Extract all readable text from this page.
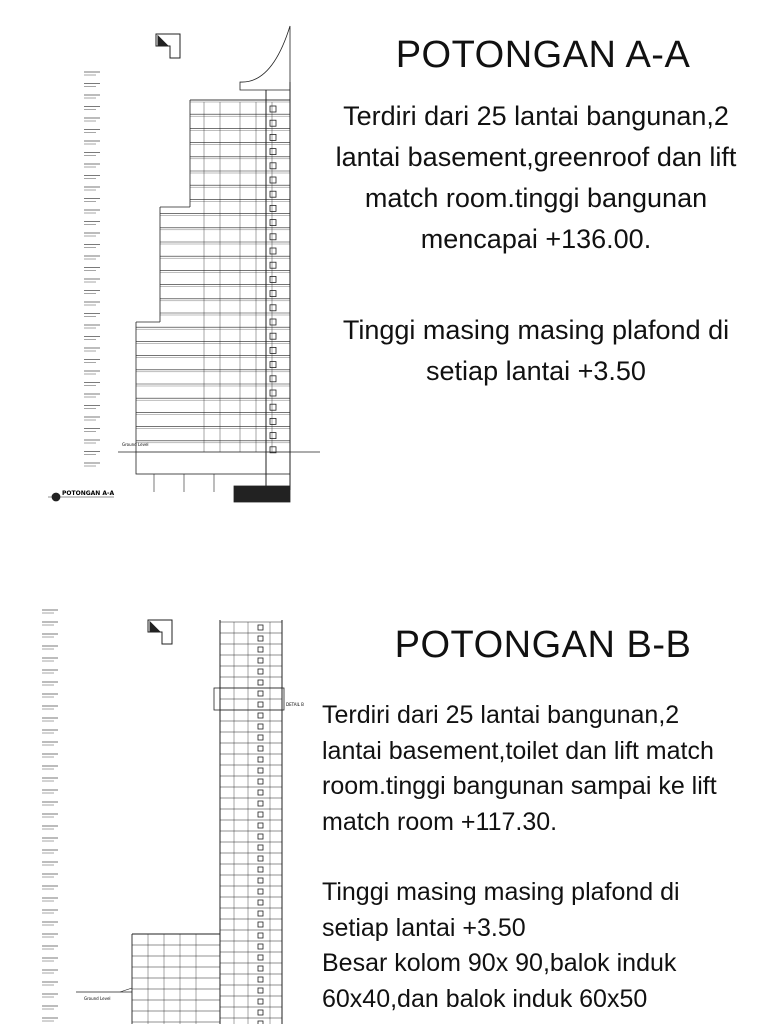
POTONGAN A-A
Ground Level
H	G	F	E	C	B	A
POTONGAN A-A

Terdiri dari 25 lantai bangunan,2 lantai basement,greenroof dan lift match room.tinggi bangunan mencapai +136.00.

Tinggi masing masing plafond di setiap lantai +3.50

DETAIL B
Ground Level
POTONGAN B-B

Terdiri dari 25 lantai bangunan,2 lantai basement,toilet dan lift match room.tinggi bangunan sampai ke lift match room +117.30.

Tinggi masing masing plafond di setiap lantai +3.50

Besar kolom 90x 90,balok induk 60x40,dan balok induk 60x50
